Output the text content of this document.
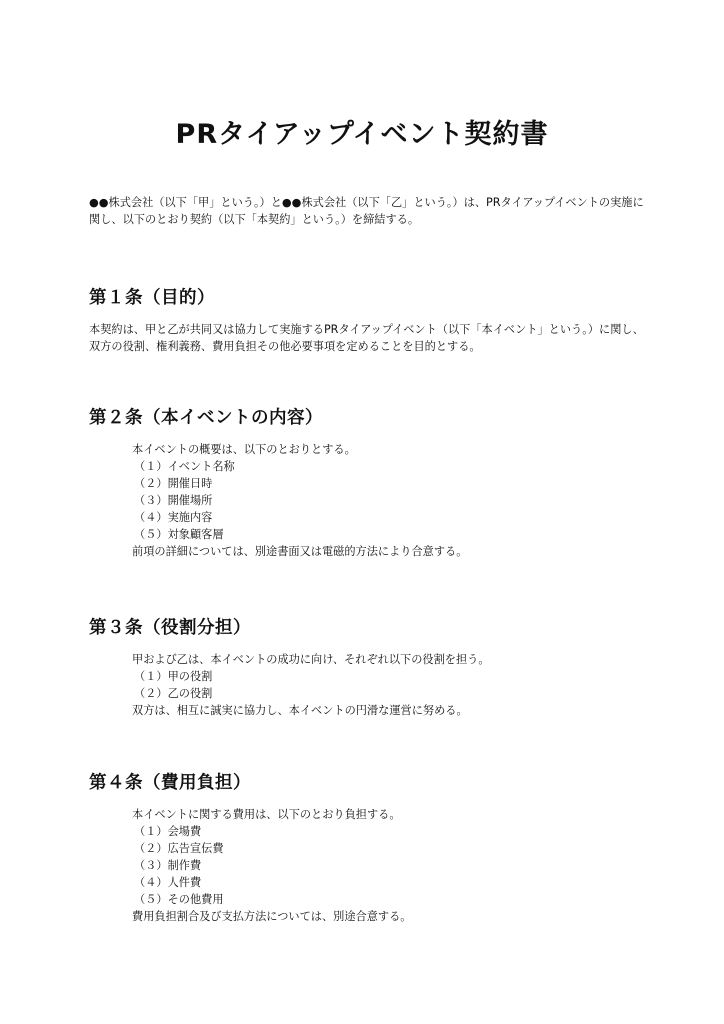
PRタイアップイベント契約書

●●株式会社（以下「甲」という。）と●●株式会社（以下「乙」という。）は、PRタイアップイベントの実施に関し、以下のとおり契約（以下「本契約」という。）を締結する。

第１条（目的）

本契約は、甲と乙が共同又は協力して実施するPRタイアップイベント（以下「本イベント」という。）に関し、双方の役割、権利義務、費用負担その他必要事項を定めることを目的とする。

第２条（本イベントの内容）
本イベントの概要は、以下のとおりとする。
（１）イベント名称
（２）開催日時
（３）開催場所
（４）実施内容
（５）対象顧客層
前項の詳細については、別途書面又は電磁的方法により合意する。
第３条（役割分担）
甲および乙は、本イベントの成功に向け、それぞれ以下の役割を担う。
（１）甲の役割
（２）乙の役割
双方は、相互に誠実に協力し、本イベントの円滑な運営に努める。
第４条（費用負担）
本イベントに関する費用は、以下のとおり負担する。
（１）会場費
（２）広告宣伝費
（３）制作費
（４）人件費
（５）その他費用
費用負担割合及び支払方法については、別途合意する。
